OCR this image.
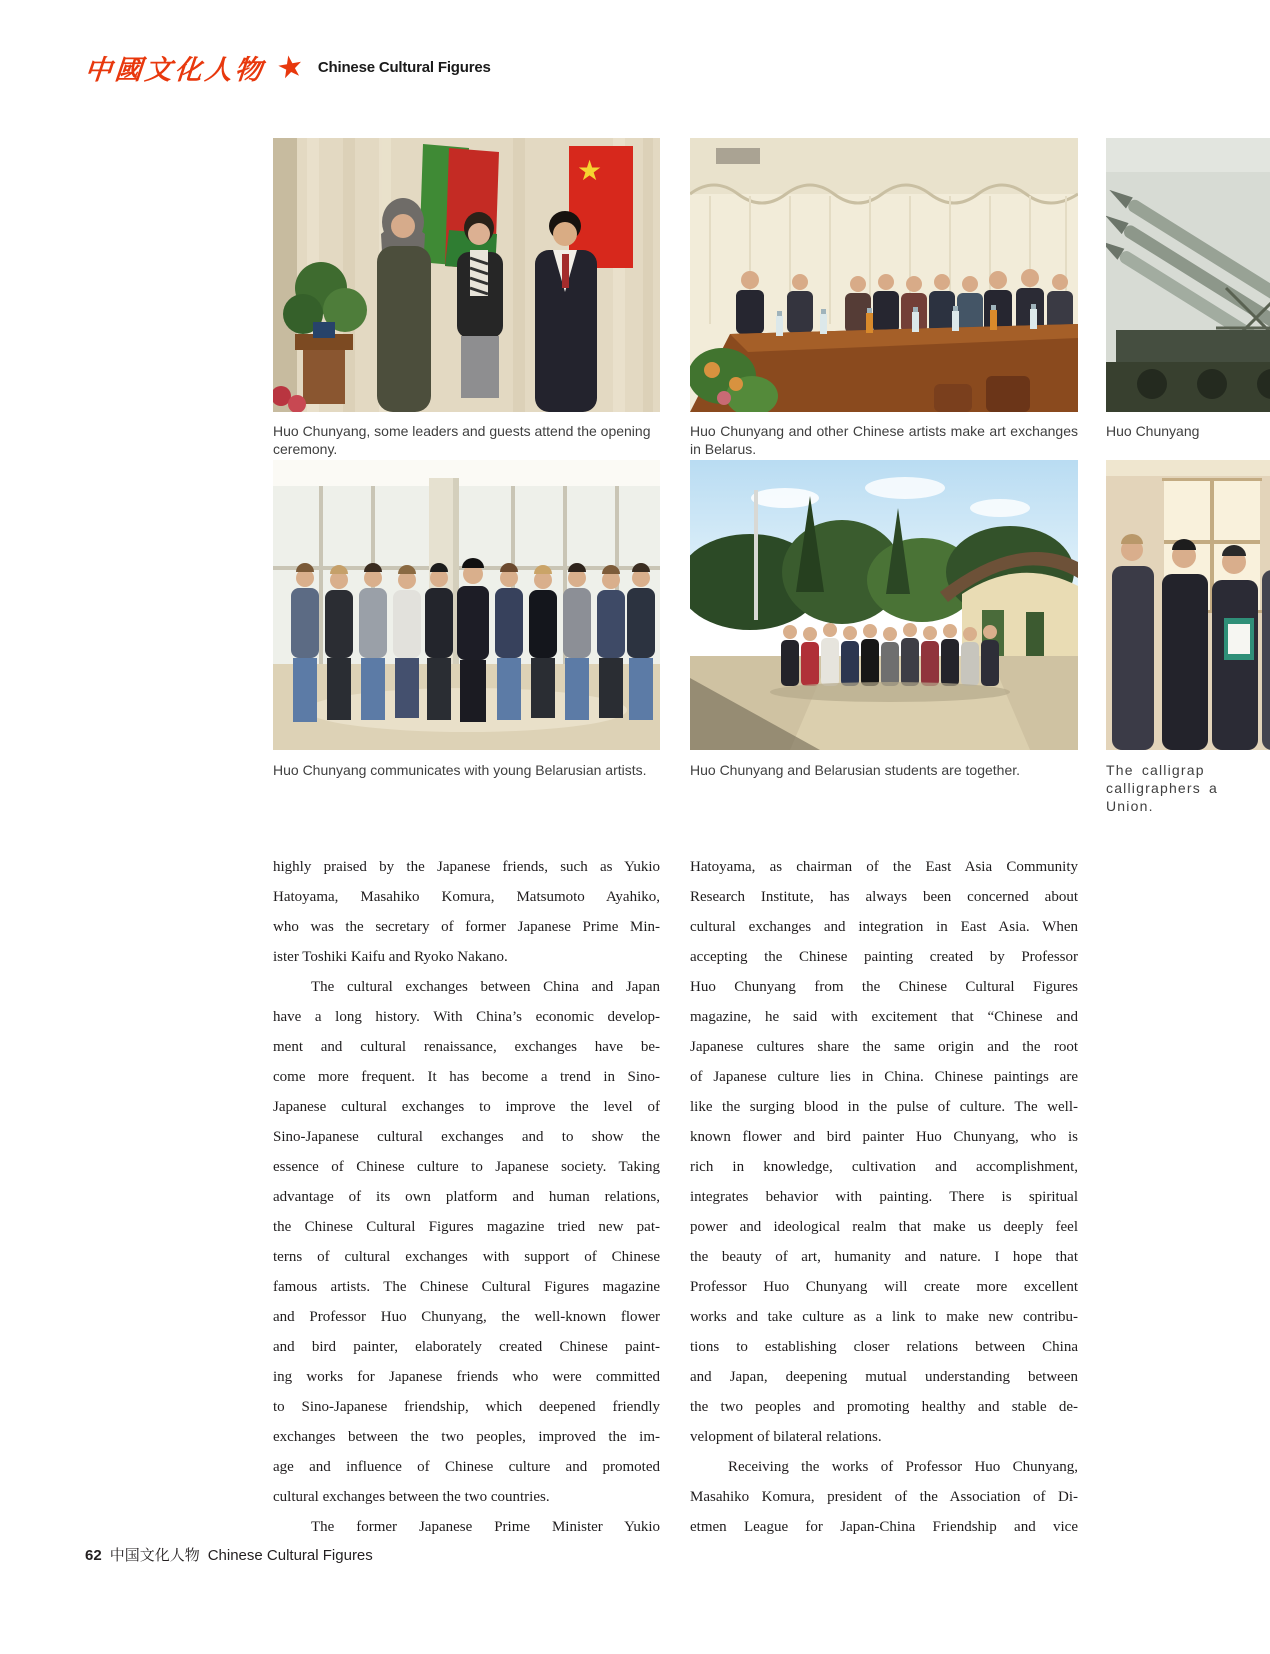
中國文化人物 ★ Chinese Cultural Figures
★
Huo Chunyang, some leaders and guests attend the opening ceremony.
Huo Chunyang and other Chinese artists make art exchanges in Belarus.
Huo Chunyang
Huo Chunyang communicates with young Belarusian artists.	Huo Chunyang and Belarusian students are together.	The calligrap
calligraphers a
Union.
highly praised by the Japanese friends, such as Yukio
Hatoyama, Masahiko Komura, Matsumoto Ayahiko,
who was the secretary of former Japanese Prime Min-
ister Toshiki Kaifu and Ryoko Nakano.
The cultural exchanges between China and Japan
have a long history. With China’s economic develop-
ment and cultural renaissance, exchanges have be-
come more frequent. It has become a trend in Sino-
Japanese cultural exchanges to improve the level of
Sino-Japanese cultural exchanges and to show the
essence of Chinese culture to Japanese society. Taking
advantage of its own platform and human relations,
the Chinese Cultural Figures magazine tried new pat-
terns of cultural exchanges with support of Chinese
famous artists. The Chinese Cultural Figures magazine
and Professor Huo Chunyang, the well-known flower
and bird painter, elaborately created Chinese paint-
ing works for Japanese friends who were committed
to Sino-Japanese friendship, which deepened friendly
exchanges between the two peoples, improved the im-
age and influence of Chinese culture and promoted
cultural exchanges between the two countries.
The former Japanese Prime Minister Yukio
Hatoyama, as chairman of the East Asia Community
Research Institute, has always been concerned about
cultural exchanges and integration in East Asia. When
accepting the Chinese painting created by Professor
Huo Chunyang from the Chinese Cultural Figures
magazine, he said with excitement that “Chinese and
Japanese cultures share the same origin and the root
of Japanese culture lies in China. Chinese paintings are
like the surging blood in the pulse of culture. The well-
known flower and bird painter Huo Chunyang, who is
rich in knowledge, cultivation and accomplishment,
integrates behavior with painting. There is spiritual
power and ideological realm that make us deeply feel
the beauty of art, humanity and nature. I hope that
Professor Huo Chunyang will create more excellent
works and take culture as a link to make new contribu-
tions to establishing closer relations between China
and Japan, deepening mutual understanding between
the two peoples and promoting healthy and stable de-
velopment of bilateral relations.
Receiving the works of Professor Huo Chunyang,
Masahiko Komura, president of the Association of Di-
etmen League for Japan-China Friendship and vice
62 中国文化人物 Chinese Cultural Figures
